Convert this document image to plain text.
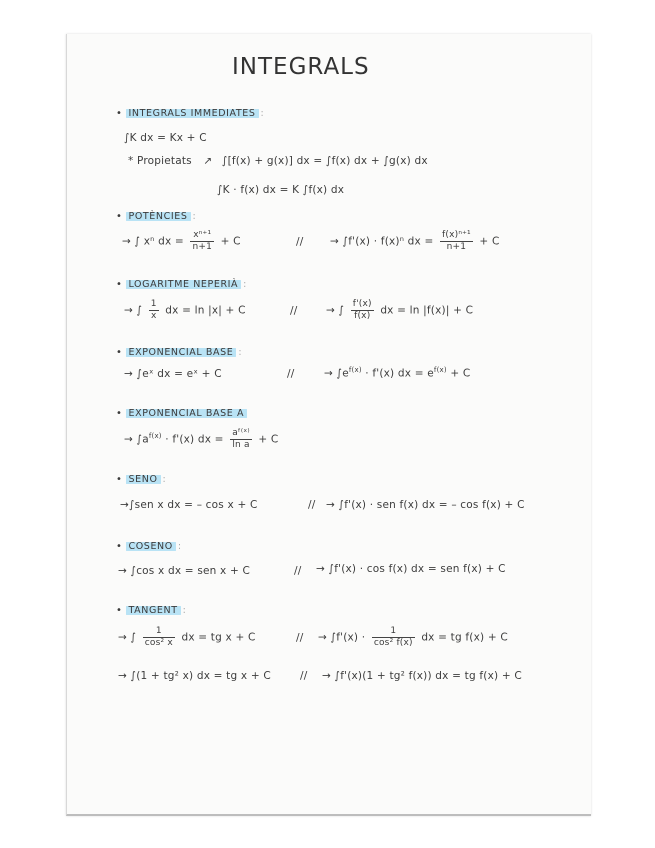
INTEGRALS
• INTEGRALS IMMEDIATES :
∫K dx = Kx + C
* Propietats ↗ ∫[f(x) + g(x)] dx = ∫f(x) dx + ∫g(x) dx
∫K · f(x) dx = K ∫f(x) dx
• POTÈNCIES :
→ ∫ xⁿ dx = $\frac{\text{xⁿ⁺¹}}{n+1} + C$	//	→ ∫f'(x) · f(x)ⁿ dx = $\frac{\text{f(x)ⁿ⁺¹}}{n+1} + C$
• LOGARITME NEPERIÀ :
→ ∫ $\frac{1}{x}$ dx = ln |x| + C	//	→ ∫ $\frac{f'(x)}{f(x)}$ dx = ln |f(x)| + C
• EXPONENCIAL BASE :
→ ∫eˣ dx = eˣ + C	//	→ $\int e^{f(x)} \cdot f'(x)$ dx = $e^{f(x)} + C$
• EXPONENCIAL BASE A
→ $\int a^{f(x)} \cdot f'(x)$ dx = $\frac{\text{aᶠ⁽ˣ⁾}}{\text{ln a}} + C$
• SENO :
→∫sen x dx = – cos x + C	// → ∫f'(x) · sen f(x) dx = – cos f(x) + C
• COSENO :
→ ∫cos x dx = sen x + C	// → ∫f'(x) · cos f(x) dx = sen f(x) + C
• TANGENT :
→ ∫ $\frac{1}{\text{cos² x}}$ dx = tg x + C	// → $\int f'(x) \cdot \frac{1}{\text{cos² f(x)}}$ dx = tg f(x) + C
→ ∫(1 + tg² x) dx = tg x + C	// → ∫f'(x)(1 + tg² f(x)) dx = tg f(x) + C
